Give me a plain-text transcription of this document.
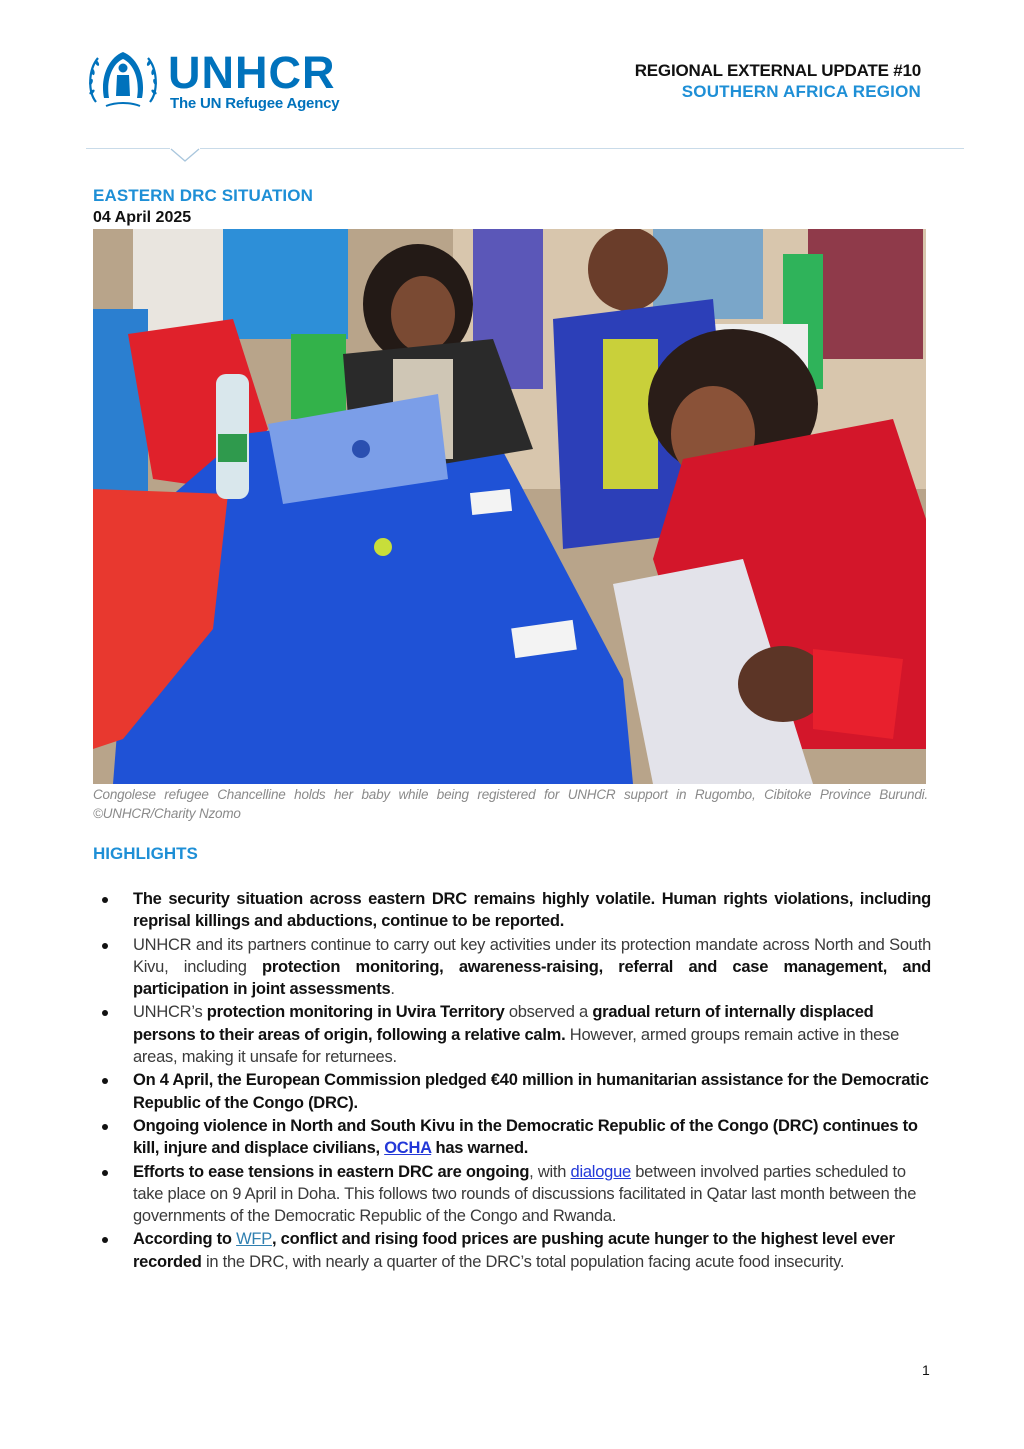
UNHCR
The UN Refugee Agency
REGIONAL EXTERNAL UPDATE #10
SOUTHERN AFRICA REGION
EASTERN DRC SITUATION
04 April 2025
Congolese refugee Chancelline holds her baby while being registered for UNHCR support in Rugombo, Cibitoke Province Burundi. ©UNHCR/Charity Nzomo
HIGHLIGHTS
The security situation across eastern DRC remains highly volatile. Human rights violations, including reprisal killings and abductions, continue to be reported.
UNHCR and its partners continue to carry out key activities under its protection mandate across North and South Kivu, including protection monitoring, awareness-raising, referral and case management, and participation in joint assessments.
UNHCR’s protection monitoring in Uvira Territory observed a gradual return of internally displaced persons to their areas of origin, following a relative calm. However, armed groups remain active in these areas, making it unsafe for returnees.
On 4 April, the European Commission pledged €40 million in humanitarian assistance for the Democratic Republic of the Congo (DRC).
Ongoing violence in North and South Kivu in the Democratic Republic of the Congo (DRC) continues to kill, injure and displace civilians, OCHA has warned.
Efforts to ease tensions in eastern DRC are ongoing, with dialogue between involved parties scheduled to take place on 9 April in Doha. This follows two rounds of discussions facilitated in Qatar last month between the governments of the Democratic Republic of the Congo and Rwanda.
According to WFP, conflict and rising food prices are pushing acute hunger to the highest level ever recorded in the DRC, with nearly a quarter of the DRC’s total population facing acute food insecurity.
1
